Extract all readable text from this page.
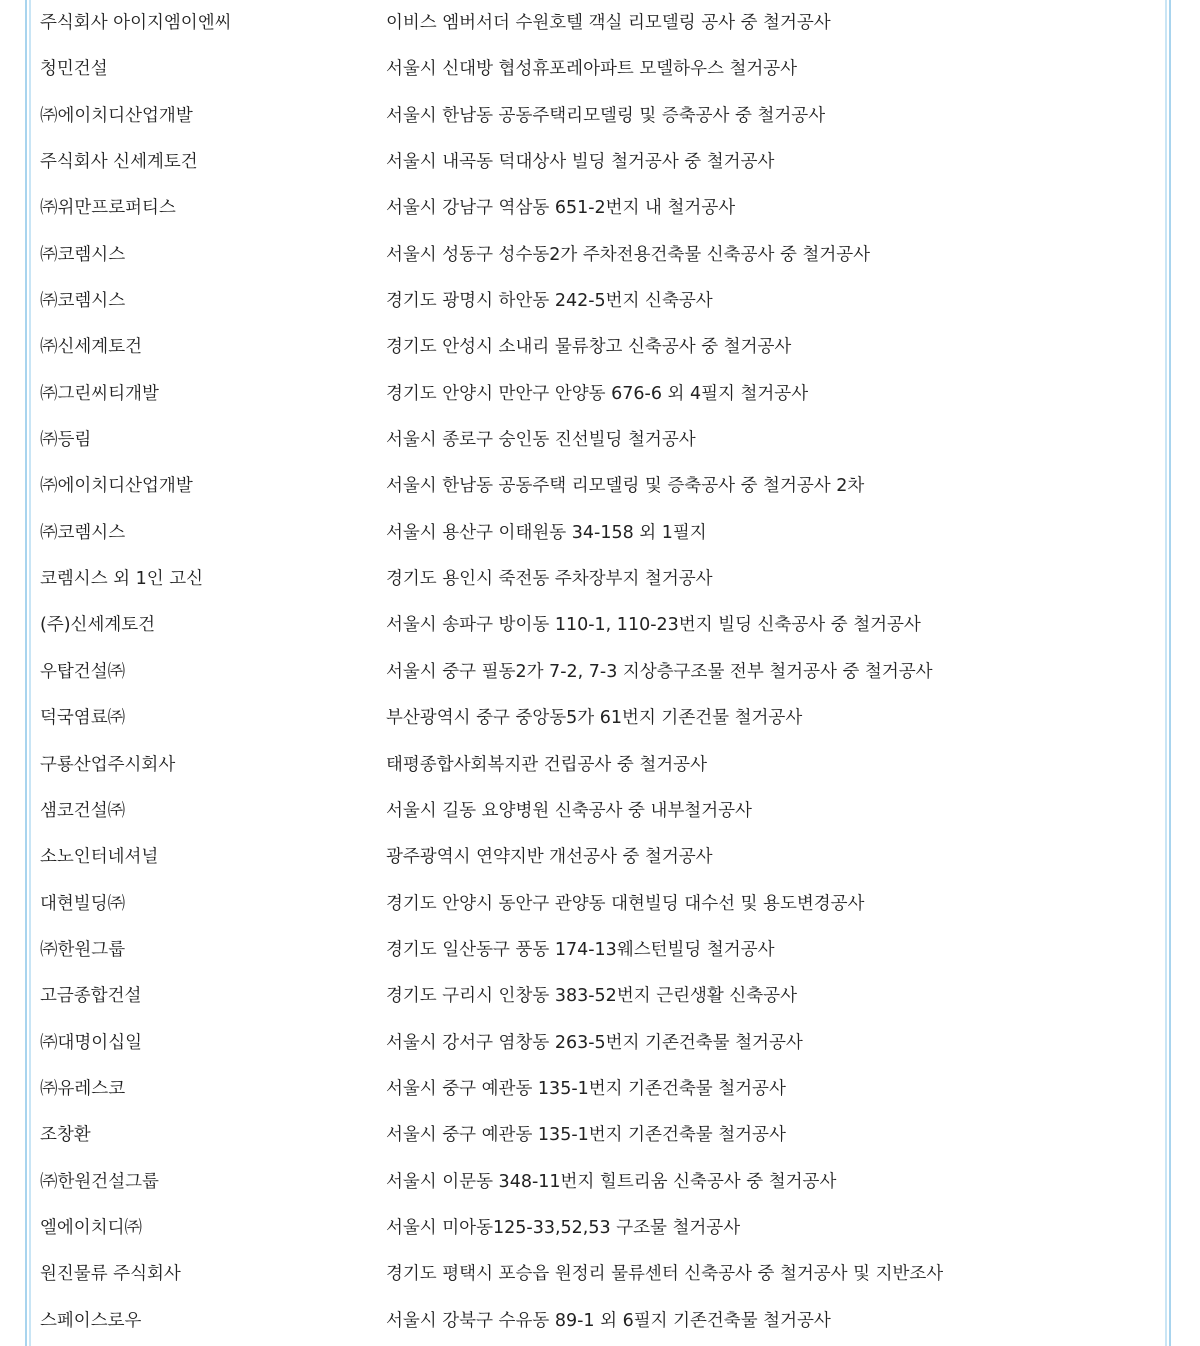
주식회사 아이지엠이엔씨	이비스 엠버서더 수원호텔 객실 리모델링 공사 중 철거공사
청민건설	서울시 신대방 협성휴포레아파트 모델하우스 철거공사
㈜에이치디산업개발	서울시 한남동 공동주택리모델링 및 증축공사 중 철거공사
주식회사 신세계토건	서울시 내곡동 덕대상사 빌딩 철거공사 중 철거공사
㈜위만프로퍼티스	서울시 강남구 역삼동 651-2번지 내 철거공사
㈜코렘시스	서울시 성동구 성수동2가 주차전용건축물 신축공사 중 철거공사
㈜코렘시스	경기도 광명시 하안동 242-5번지 신축공사
㈜신세계토건	경기도 안성시 소내리 물류창고 신축공사 중 철거공사
㈜그린씨티개발	경기도 안양시 만안구 안양동 676-6 외 4필지 철거공사
㈜등림	서울시 종로구 숭인동 진선빌딩 철거공사
㈜에이치디산업개발	서울시 한남동 공동주택 리모델링 및 증축공사 중 철거공사 2차
㈜코렘시스	서울시 용산구 이태원동 34-158 외 1필지
코렘시스 외 1인 고신	경기도 용인시 죽전동 주차장부지 철거공사
(주)신세계토건	서울시 송파구 방이동 110-1, 110-23번지 빌딩 신축공사 중 철거공사
우탑건설㈜	서울시 중구 필동2가 7-2, 7-3 지상층구조물 전부 철거공사 중 철거공사
덕국염료㈜	부산광역시 중구 중앙동5가 61번지 기존건물 철거공사
구룡산업주시회사	태평종합사회복지관 건립공사 중 철거공사
샘코건설㈜	서울시 길동 요양병원 신축공사 중 내부철거공사
소노인터네셔널	광주광역시 연약지반 개선공사 중 철거공사
대현빌딩㈜	경기도 안양시 동안구 관양동 대현빌딩 대수선 및 용도변경공사
㈜한원그룹	경기도 일산동구 풍동 174-13웨스턴빌딩 철거공사
고금종합건설	경기도 구리시 인창동 383-52번지 근린생활 신축공사
㈜대명이십일	서울시 강서구 염창동 263-5번지 기존건축물 철거공사
㈜유레스코	서울시 중구 예관동 135-1번지 기존건축물 철거공사
조창환	서울시 중구 예관동 135-1번지 기존건축물 철거공사
㈜한원건설그룹	서울시 이문동 348-11번지 힐트리움 신축공사 중 철거공사
엘에이치디㈜	서울시 미아동125-33,52,53 구조물 철거공사
원진물류 주식회사	경기도 평택시 포승읍 원정리 물류센터 신축공사 중 철거공사 및 지반조사
스페이스로우	서울시 강북구 수유동 89-1 외 6필지 기존건축물 철거공사
